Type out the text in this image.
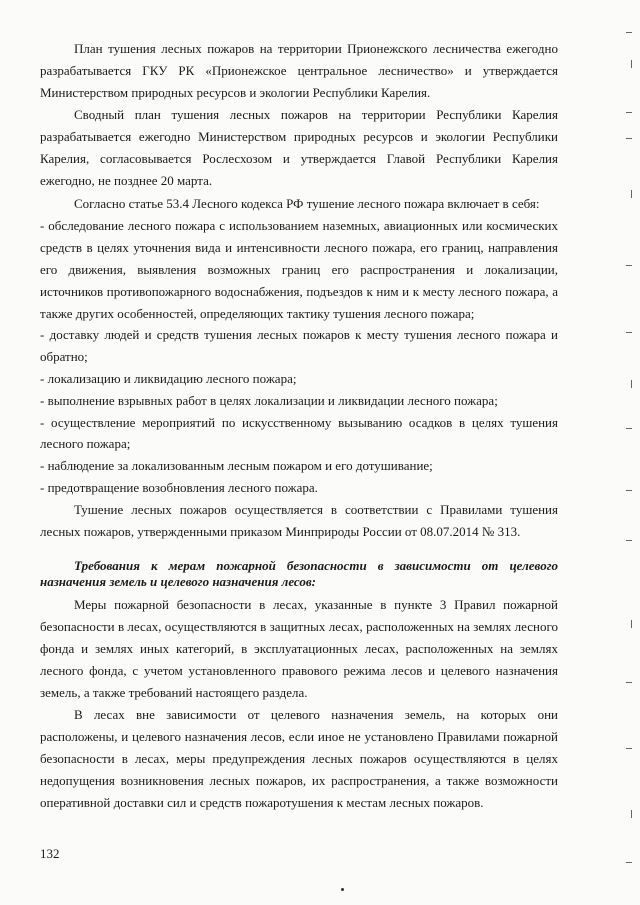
План тушения лесных пожаров на территории Прионежского лесничества ежегодно разрабатывается ГКУ РК «Прионежское центральное лесничество» и утверждается Министерством природных ресурсов и экологии Республики Карелия.

Сводный план тушения лесных пожаров на территории Республики Карелия разрабатывается ежегодно Министерством природных ресурсов и экологии Республики Карелия, согласовывается Рослесхозом и утверждается Главой Республики Карелия ежегодно, не позднее 20 марта.

Согласно статье 53.4 Лесного кодекса РФ тушение лесного пожара включает в себя:

- обследование лесного пожара с использованием наземных, авиационных или космических средств в целях уточнения вида и интенсивности лесного пожара, его границ, направления его движения, выявления возможных границ его распространения и локализации, источников противопожарного водоснабжения, подъездов к ним и к месту лесного пожара, а также других особенностей, определяющих тактику тушения лесного пожара;

- доставку людей и средств тушения лесных пожаров к месту тушения лесного пожара и обратно;

- локализацию и ликвидацию лесного пожара;

- выполнение взрывных работ в целях локализации и ликвидации лесного пожара;

- осуществление мероприятий по искусственному вызыванию осадков в целях тушения лесного пожара;

- наблюдение за локализованным лесным пожаром и его дотушивание;

- предотвращение возобновления лесного пожара.

Тушение лесных пожаров осуществляется в соответствии с Правилами тушения лесных пожаров, утвержденными приказом Минприроды России от 08.07.2014 № 313.

Требования к мерам пожарной безопасности в зависимости от целевого назначения земель и целевого назначения лесов:

Меры пожарной безопасности в лесах, указанные в пункте 3 Правил пожарной безопасности в лесах, осуществляются в защитных лесах, расположенных на землях лесного фонда и землях иных категорий, в эксплуатационных лесах, расположенных на землях лесного фонда, с учетом установленного правового режима лесов и целевого назначения земель, а также требований настоящего раздела.

В лесах вне зависимости от целевого назначения земель, на которых они расположены, и целевого назначения лесов, если иное не установлено Правилами пожарной безопасности в лесах, меры предупреждения лесных пожаров осуществляются в целях недопущения возникновения лесных пожаров, их распространения, а также возможности оперативной доставки сил и средств пожаротушения к местам лесных пожаров.

132
